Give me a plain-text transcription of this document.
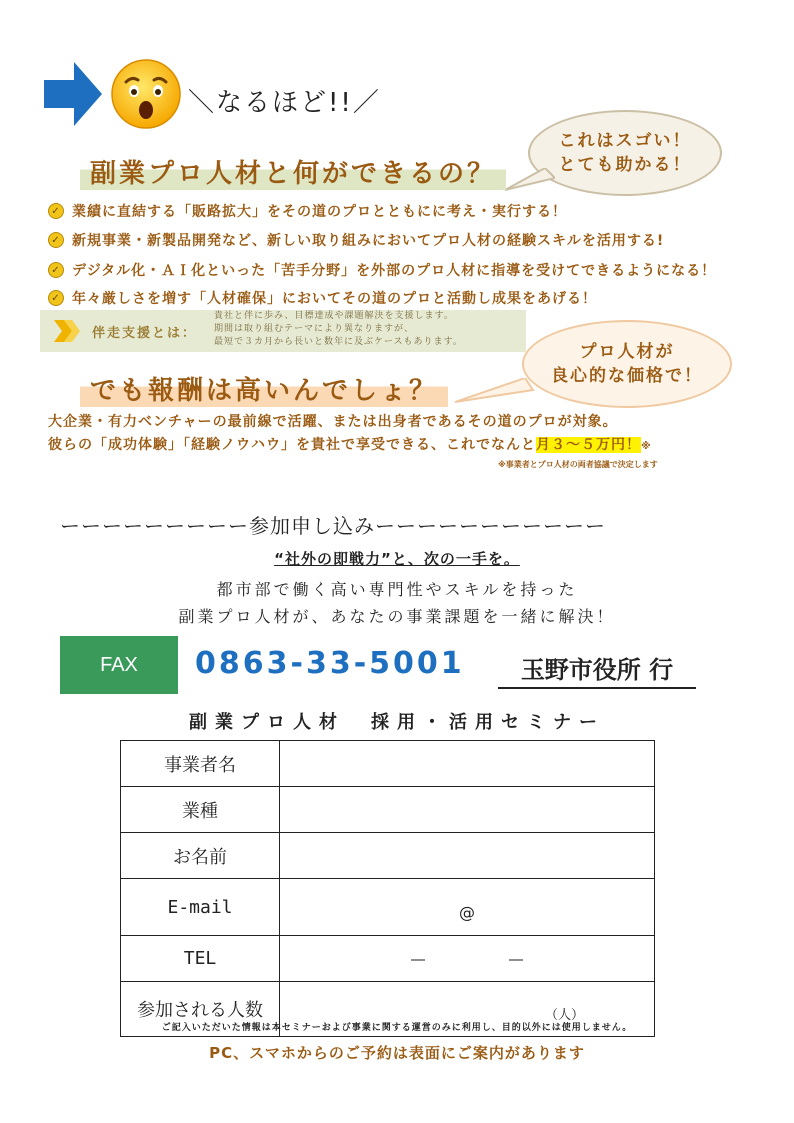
＼なるほど!!／
これはスゴい！
とても助かる！
副業プロ人材と何ができるの？
✓ 業績に直結する「販路拡大」をその道のプロとともにに考え・実行する！
✓ 新規事業・新製品開発など、新しい取り組みにおいてプロ人材の経験スキルを活用する!
✓ デジタル化・ＡＩ化といった「苦手分野」を外部のプロ人材に指導を受けてできるようになる！
✓ 年々厳しさを増す「人材確保」においてその道のプロと活動し成果をあげる！
伴走支援とは：
貴社と伴に歩み、目標達成や課題解決を支援します。
期間は取り組むテーマにより異なりますが、
最短で３カ月から長いと数年に及ぶケースもあります。	プロ人材が
良心的な価格で！
でも報酬は高いんでしょ？
大企業・有力ベンチャーの最前線で活躍、または出身者であるその道のプロが対象。
彼らの「成功体験」「経験ノウハウ」を貴社で享受できる、これでなんと月３～５万円！※
※事業者とプロ人材の両者協議で決定します
ーーーーーーーーー参加申し込みーーーーーーーーーーー
“社外の即戦力”と、次の一手を。
都市部で働く高い専門性やスキルを持った
副業プロ人材が、あなたの事業課題を一緒に解決！
FAX	0863-33-5001	玉野市役所 行
副業プロ人材　採用・活用セミナー
事業者名	
業種	
お名前	
E-mail	@
TEL	―　　　　　　―
参加される人数	（人）
ご記入いただいた情報は本セミナーおよび事業に関する運営のみに利用し、目的以外には使用しません。
PC、スマホからのご予約は表面にご案内があります
